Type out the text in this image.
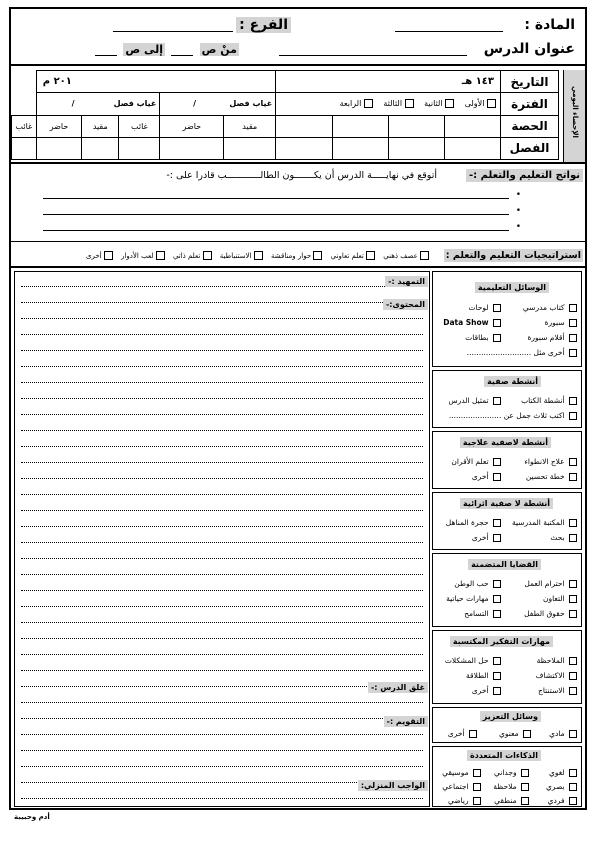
المادة :
الفرع :
عنوان الدرس
منْ ص
إلى ص
الإحصاء اليومي
التاريخ	١٤٣ هـ				٢٠١ م					
الفترة	الأولى  الثانية  الثالثة  الرابعة				غياب فصل            /		غياب فصل              /			
الحصة					مقيد	حاضر	غائب	مقيد	حاضر	غائب
الفصل										
نواتج التعليم والتعلم :-
أتوقع في نهايـــــة الدرس أن يكـــــــون الطالــــــــــــب قادرا على :-
•
•
•
استراتيجيات التعليم والتعلم :
عصف ذهني  تعلم تعاوني  حوار ومناقشة  الاستنباطية  تعلم ذاتي  لعب الأدوار  أخرى
التمهيد :-
المحتوى:-
غلق الدرس :-
التقويم :-
الواجب المنزلي:
الوسائل التعليمية
كتاب مدرسي
لوحات
سبورة
Data Show
أقلام سبورة
بطاقات
أخرى مثل ...........................
أنشطة صفية
أنشطة الكتاب
تمثيل الدرس
اكتب ثلاث جمل عن ......................
أنشطة لاصفية علاجية
علاج الانطواء
تعلم الأقران
خطة تحسين
أخرى
أنشطة لا صفية اثرائية
المكتبة المدرسية
حجرة المناهل
بحث
أخرى
القضايا المتضمنة
احترام العمل
حب الوطن
التعاون
مهارات حياتية
حقوق الطفل
التسامح
مهارات التفكير المكتسبة
الملاحظة
حل المشكلات
الاكتشاف
الطلاقة
الاستنتاج
أخرى
وسائل التعزيز
مادي
معنوي
أخرى
الذكاءات المتعددة
لغوي
وجداني
موسيقي
بصري
ملاحظة
اجتماعي
فردي
منطقي
رياضي
أدم وحبيبة
